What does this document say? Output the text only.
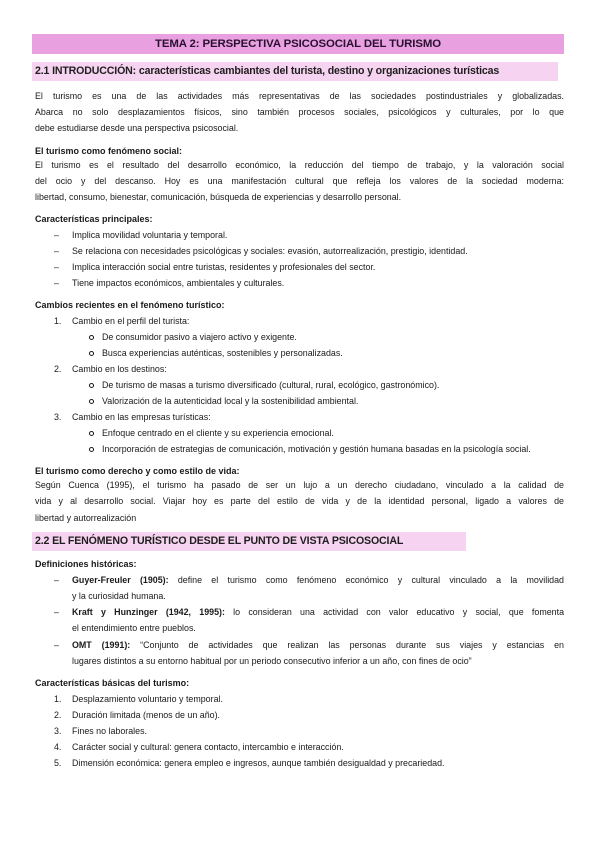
TEMA 2: PERSPECTIVA PSICOSOCIAL DEL TURISMO
2.1 INTRODUCCIÓN: características cambiantes del turista, destino y organizaciones turísticas
El turismo es una de las actividades más representativas de las sociedades postindustriales y globalizadas.
Abarca no solo desplazamientos físicos, sino también procesos sociales, psicológicos y culturales, por lo que
debe estudiarse desde una perspectiva psicosocial.
El turismo como fenómeno social:
El turismo es el resultado del desarrollo económico, la reducción del tiempo de trabajo, y la valoración social
del ocio y del descanso. Hoy es una manifestación cultural que refleja los valores de la sociedad moderna:
libertad, consumo, bienestar, comunicación, búsqueda de experiencias y desarrollo personal.
Características principales:
– Implica movilidad voluntaria y temporal.
– Se relaciona con necesidades psicológicas y sociales: evasión, autorrealización, prestigio, identidad.
– Implica interacción social entre turistas, residentes y profesionales del sector.
– Tiene impactos económicos, ambientales y culturales.
Cambios recientes en el fenómeno turístico:
1. Cambio en el perfil del turista:
De consumidor pasivo a viajero activo y exigente.
Busca experiencias auténticas, sostenibles y personalizadas.
2. Cambio en los destinos:
De turismo de masas a turismo diversificado (cultural, rural, ecológico, gastronómico).
Valorización de la autenticidad local y la sostenibilidad ambiental.
3. Cambio en las empresas turísticas:
Enfoque centrado en el cliente y su experiencia emocional.
Incorporación de estrategias de comunicación, motivación y gestión humana basadas en la psicología social.
El turismo como derecho y como estilo de vida:
Según Cuenca (1995), el turismo ha pasado de ser un lujo a un derecho ciudadano, vinculado a la calidad de
vida y al desarrollo social. Viajar hoy es parte del estilo de vida y de la identidad personal, ligado a valores de
libertad y autorrealización
2.2 EL FENÓMENO TURÍSTICO DESDE EL PUNTO DE VISTA PSICOSOCIAL
Definiciones históricas:
– Guyer-Freuler (1905): define el turismo como fenómeno económico y cultural vinculado a la movilidad
y la curiosidad humana.
– Kraft y Hunzinger (1942, 1995): lo consideran una actividad con valor educativo y social, que fomenta
el entendimiento entre pueblos.
– OMT (1991): “Conjunto de actividades que realizan las personas durante sus viajes y estancias en
lugares distintos a su entorno habitual por un periodo consecutivo inferior a un año, con fines de ocio”
Características básicas del turismo:
1. Desplazamiento voluntario y temporal.
2. Duración limitada (menos de un año).
3. Fines no laborales.
4. Carácter social y cultural: genera contacto, intercambio e interacción.
5. Dimensión económica: genera empleo e ingresos, aunque también desigualdad y precariedad.
